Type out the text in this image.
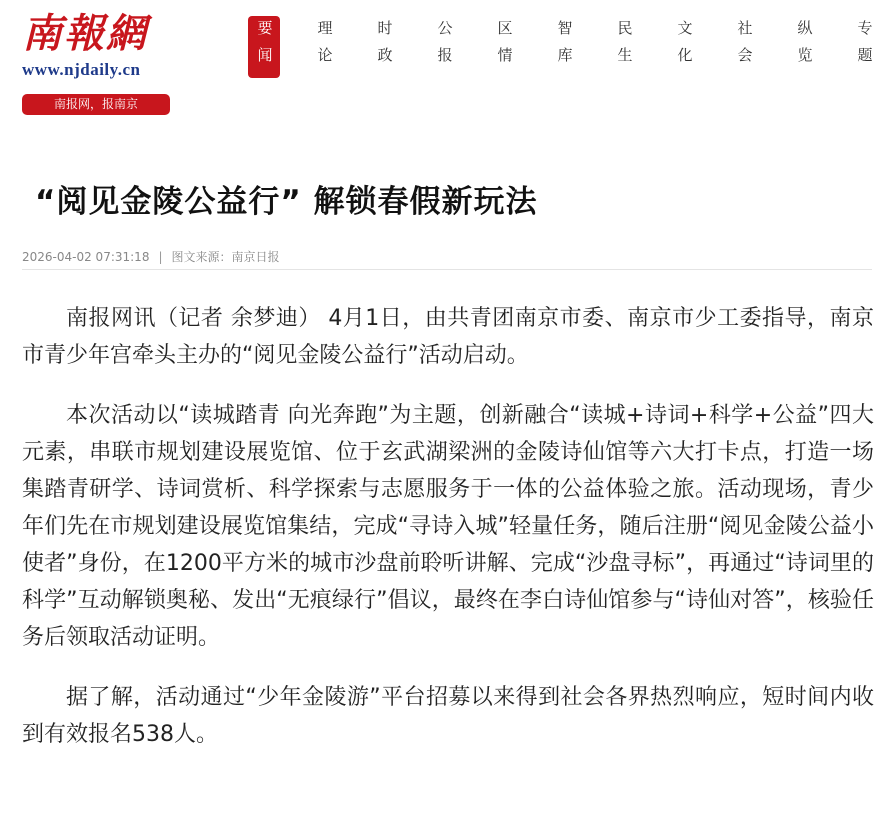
南報網
www.njdaily.cn
南报网，报南京
要闻	理论	时政	公报	区情	智库	民生	文化	社会	纵览	专题
“阅见金陵公益行” 解锁春假新玩法
2026-04-02 07:31:18 | 图文来源：南京日报

南报网讯（记者 余梦迪） 4月1日，由共青团南京市委、南京市少工委指导，南京市青少年宫牵头主办的“阅见金陵公益行”活动启动。

本次活动以“读城踏青 向光奔跑”为主题，创新融合“读城+诗词+科学+公益”四大元素，串联市规划建设展览馆、位于玄武湖梁洲的金陵诗仙馆等六大打卡点，打造一场集踏青研学、诗词赏析、科学探索与志愿服务于一体的公益体验之旅。活动现场，青少年们先在市规划建设展览馆集结，完成“寻诗入城”轻量任务，随后注册“阅见金陵公益小使者”身份，在1200平方米的城市沙盘前聆听讲解、完成“沙盘寻标”，再通过“诗词里的科学”互动解锁奥秘、发出“无痕绿行”倡议，最终在李白诗仙馆参与“诗仙对答”，核验任务后领取活动证明。

据了解，活动通过“少年金陵游”平台招募以来得到社会各界热烈响应，短时间内收到有效报名538人。
